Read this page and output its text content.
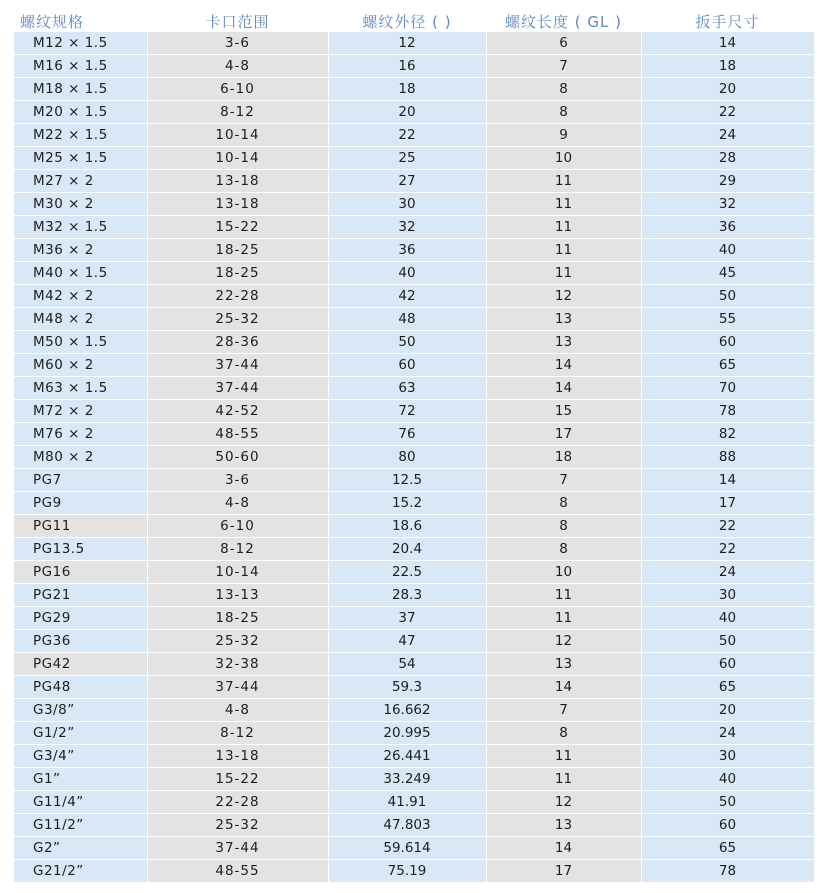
螺纹规格	卡口范围	螺纹外径 ( )	螺纹长度 ( GL )	扳手尺寸
M12 × 1.5	3-6	12	6	14
M16 × 1.5	4-8	16	7	18
M18 × 1.5	6-10	18	8	20
M20 × 1.5	8-12	20	8	22
M22 × 1.5	10-14	22	9	24
M25 × 1.5	10-14	25	10	28
M27 × 2	13-18	27	11	29
M30 × 2	13-18	30	11	32
M32 × 1.5	15-22	32	11	36
M36 × 2	18-25	36	11	40
M40 × 1.5	18-25	40	11	45
M42 × 2	22-28	42	12	50
M48 × 2	25-32	48	13	55
M50 × 1.5	28-36	50	13	60
M60 × 2	37-44	60	14	65
M63 × 1.5	37-44	63	14	70
M72 × 2	42-52	72	15	78
M76 × 2	48-55	76	17	82
M80 × 2	50-60	80	18	88
PG7	3-6	12.5	7	14
PG9	4-8	15.2	8	17
PG11	6-10	18.6	8	22
PG13.5	8-12	20.4	8	22
PG16	10-14	22.5	10	24
PG21	13-13	28.3	11	30
PG29	18-25	37	11	40
PG36	25-32	47	12	50
PG42	32-38	54	13	60
PG48	37-44	59.3	14	65
G3/8”	4-8	16.662	7	20
G1/2”	8-12	20.995	8	24
G3/4”	13-18	26.441	11	30
G1”	15-22	33.249	11	40
G11/4”	22-28	41.91	12	50
G11/2”	25-32	47.803	13	60
G2”	37-44	59.614	14	65
G21/2”	48-55	75.19	17	78
